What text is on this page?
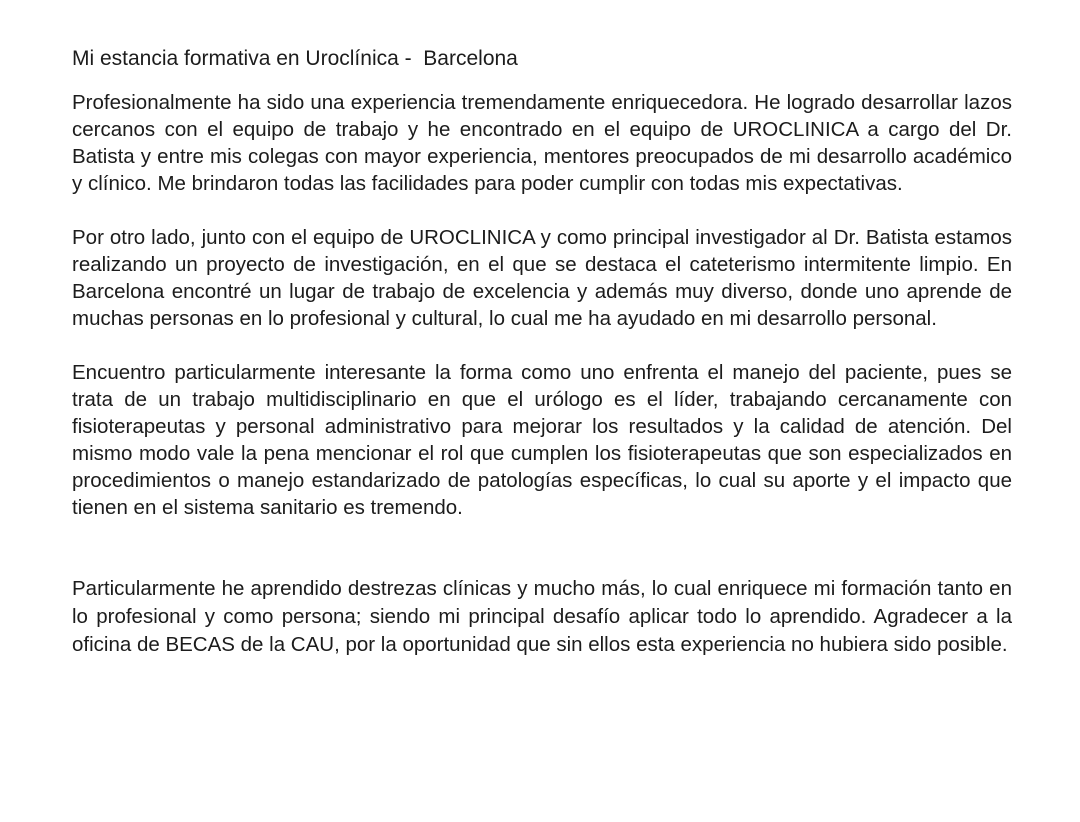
Mi estancia formativa en Uroclínica -  Barcelona

Profesionalmente ha sido una experiencia tremendamente enriquecedora. He logrado desarrollar lazos cercanos con el equipo de trabajo y he encontrado en el equipo de UROCLINICA a cargo del Dr. Batista y entre mis colegas con mayor experiencia, mentores preocupados de mi desarrollo académico y clínico. Me brindaron todas las facilidades para poder cumplir con todas mis expectativas.

Por otro lado, junto con el equipo de UROCLINICA y como principal investigador al Dr. Batista estamos realizando un proyecto de investigación, en el que se destaca el cateterismo intermitente limpio. En Barcelona encontré un lugar de trabajo de excelencia y además muy diverso, donde uno aprende de muchas personas en lo profesional y cultural, lo cual me ha ayudado en mi desarrollo personal.

Encuentro particularmente interesante la forma como uno enfrenta el manejo del paciente, pues se trata de un trabajo multidisciplinario en que el urólogo es el líder, trabajando cercanamente con fisioterapeutas y personal administrativo para mejorar los resultados y la calidad de atención. Del mismo modo vale la pena mencionar el rol que cumplen los fisioterapeutas que son especializados en procedimientos o manejo estandarizado de patologías específicas, lo cual su aporte y el impacto que tienen en el sistema sanitario es tremendo.

Particularmente he aprendido destrezas clínicas y mucho más, lo cual enriquece mi formación tanto en lo profesional y como persona; siendo mi principal desafío aplicar todo lo aprendido. Agradecer a la oficina de BECAS de la CAU, por la oportunidad que sin ellos esta experiencia no hubiera sido posible.
